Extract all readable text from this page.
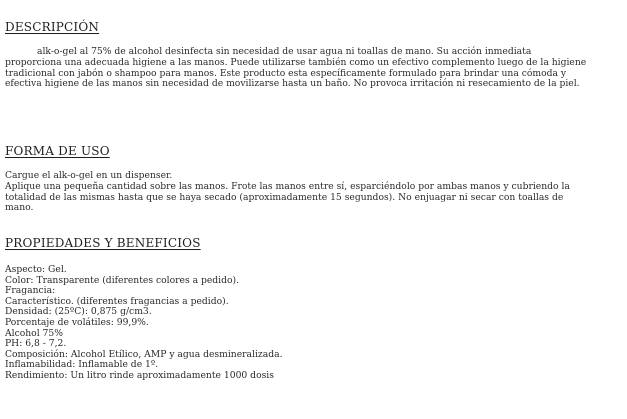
DESCRIPCIÓN
alk-o-gel al 75% de alcohol desinfecta sin necesidad de usar agua ni toallas de mano. Su acción inmediata
proporciona una adecuada higiene a las manos. Puede utilizarse también como un efectivo complemento luego de la higiene
tradicional con jabón o shampoo para manos. Este producto esta específicamente formulado para brindar una cómoda y
efectiva higiene de las manos sin necesidad de movilizarse hasta un baño. No provoca irritación ni resecamiento de la piel.
FORMA DE USO
Cargue el alk-o-gel en un dispenser.
Aplique una pequeña cantidad sobre las manos. Frote las manos entre sí, esparciéndolo por ambas manos y cubriendo la
totalidad de las mismas hasta que se haya secado (aproximadamente 15 segundos). No enjuagar ni secar con toallas de
mano.
PROPIEDADES Y BENEFICIOS
Aspecto: Gel.
Color: Transparente (diferentes colores a pedido).
Fragancia:
Característico. (diferentes fragancias a pedido).
Densidad: (25ºC): 0,875 g/cm3.
Porcentaje de volátiles: 99,9%.
Alcohol 75%
PH: 6,8 - 7,2.
Composición: Alcohol Etílico, AMP y agua desmineralizada.
Inflamabilidad: Inflamable de 1º.
Rendimiento: Un litro rinde aproximadamente 1000 dosis
